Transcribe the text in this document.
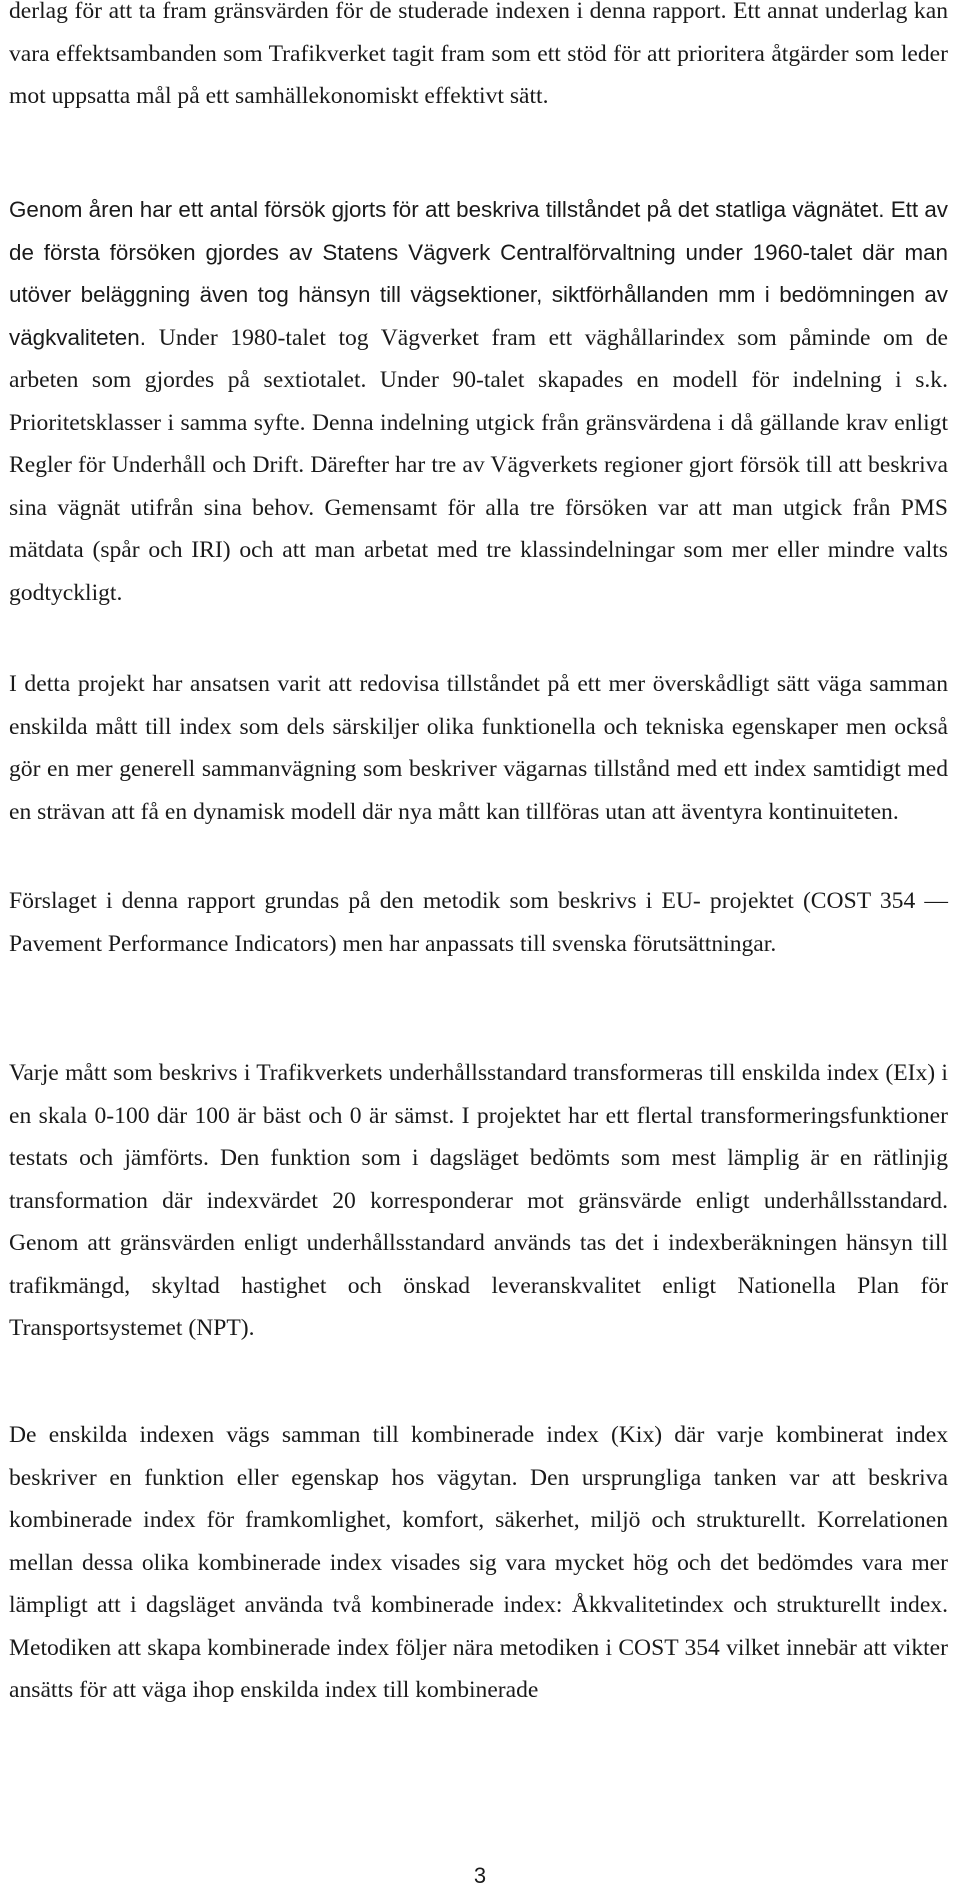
derlag för att ta fram gränsvärden för de studerade indexen i denna rapport. Ett annat underlag kan vara effektsambanden som Trafikverket tagit fram som ett stöd för att prioritera åtgärder som leder mot uppsatta mål på ett samhällekonomiskt effektivt sätt.

Genom åren har ett antal försök gjorts för att beskriva tillståndet på det statliga vägnätet. Ett av de första försöken gjordes av Statens Vägverk Centralförvaltning under 1960-talet där man utöver beläggning även tog hänsyn till vägsektioner, siktförhållanden mm i bedömningen av vägkvaliteten. Under 1980-talet tog Vägverket fram ett väghållarindex som påminde om de arbeten som gjordes på sextiotalet. Under 90-talet skapades en modell för indelning i s.k. Prioritetsklasser i samma syfte. Denna indelning utgick från gränsvärdena i då gällande krav enligt Regler för Underhåll och Drift. Därefter har tre av Vägverkets regioner gjort försök till att beskriva sina vägnät utifrån sina behov. Gemensamt för alla tre försöken var att man utgick från PMS mätdata (spår och IRI) och att man arbetat med tre klassindelningar som mer eller mindre valts godtyckligt.

I detta projekt har ansatsen varit att redovisa tillståndet på ett mer överskådligt sätt väga samman enskilda mått till index som dels särskiljer olika funktionella och tekniska egenskaper men också gör en mer generell sammanvägning som beskriver vägarnas tillstånd med ett index samtidigt med en strävan att få en dynamisk modell där nya mått kan tillföras utan att äventyra kontinuiteten.

Förslaget i denna rapport grundas på den metodik som beskrivs i EU- projektet (COST 354 — Pavement Performance Indicators) men har anpassats till svenska förutsättningar.

Varje mått som beskrivs i Trafikverkets underhållsstandard transformeras till enskilda index (EIx) i en skala 0-100 där 100 är bäst och 0 är sämst. I projektet har ett flertal transformeringsfunktioner testats och jämförts. Den funktion som i dagsläget bedömts som mest lämplig är en rätlinjig transformation där indexvärdet 20 korresponderar mot gränsvärde enligt underhållsstandard. Genom att gränsvärden enligt underhållsstandard används tas det i indexberäkningen hänsyn till trafikmängd, skyltad hastighet och önskad leveranskvalitet enligt Nationella Plan för Transportsystemet (NPT).

De enskilda indexen vägs samman till kombinerade index (Kix) där varje kombinerat index beskriver en funktion eller egenskap hos vägytan. Den ursprungliga tanken var att beskriva kombinerade index för framkomlighet, komfort, säkerhet, miljö och strukturellt. Korrelationen mellan dessa olika kombinerade index visades sig vara mycket hög och det bedömdes vara mer lämpligt att i dagsläget använda två kombinerade index: Åkkvalitetindex och strukturellt index. Metodiken att skapa kombinerade index följer nära metodiken i COST 354 vilket innebär att vikter ansätts för att väga ihop enskilda index till kombinerade

3
